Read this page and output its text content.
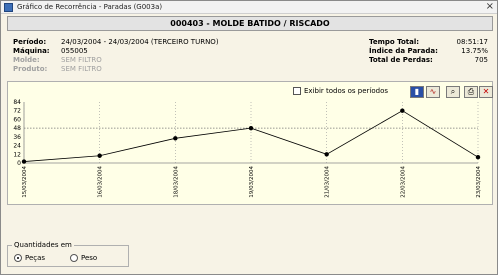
Gráfico de Recorrência - Paradas (G003a)	×
000403 - MOLDE BATIDO / RISCADO
Período: 24/03/2004 - 24/03/2004 (TERCEIRO TURNO)
Máquina: 055005
Molde:	SEM FILTRO
Produto: SEM FILTRO
Tempo Total:	08:51:17
Índice da Parada:	13.75%
Total de Perdas:	705
Exibir todos os períodos	▮	∿	⌕	⎙	✕
84
72
60
48
36
24
12
0
15/03/2004	16/03/2004	18/03/2004	19/03/2004	21/03/2004	22/03/2004	23/03/2004
Quantidades em
Peças	Peso
